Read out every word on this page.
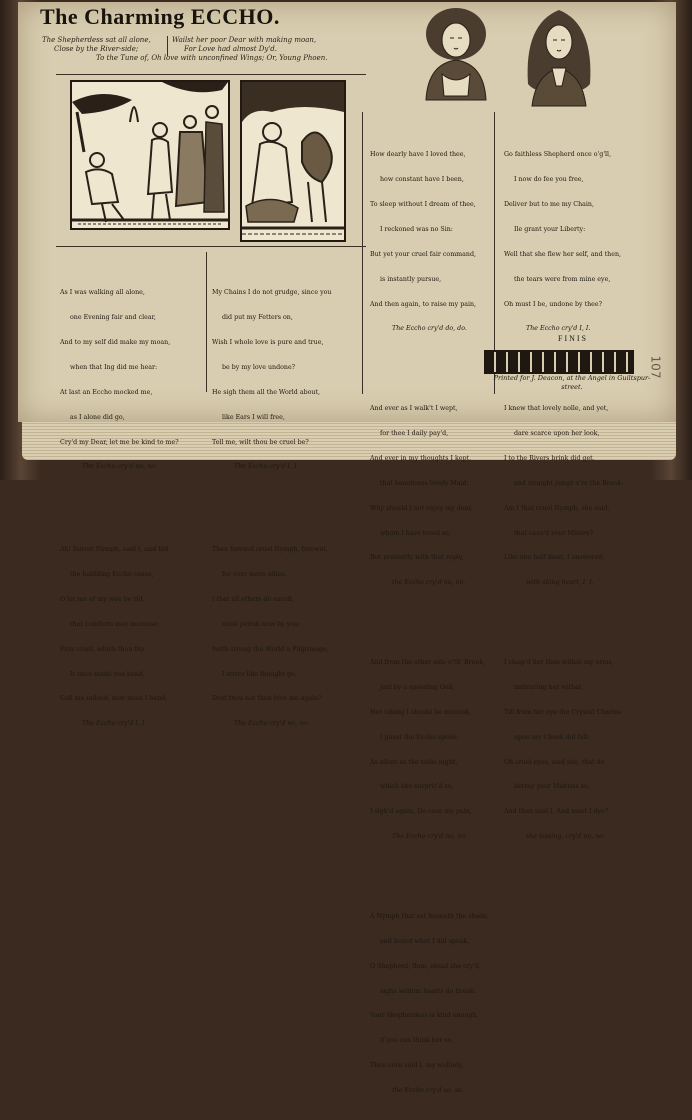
The Charming ECCHO.
The Shepherdess sat all alone,
Close by the River-side;
Wailst her poor Dear with making moan,
For Love had almost Dy'd.
To the Tune of, Oh love with unconfined Wings; Or, Young Phoen.

As I was walking all alone,

one Evening fair and clear,

And to my self did make my moan,

when that Ing did me hear:

At last an Eccho mocked me,

as I alone did go,

Cry'd my Dear, let me be kind to me?

The Eccho cry'd no, no.

Ah! fairest Nymph, said I, and bid

the babbling Eccho cease,

O let me of my woe be rid,

that comforts may increase:

Pray cruel, which thou thy

It once made you bend,

Coll me indeed, now must I bend,

The Eccho cry'd I, I.

My Chains I do not grudge, since you

did put my Fetters on,

Wish I whole love is pure and true,

be by my love undone?

He sigh them all the World about,

like Ears I will free,

Tell me, wilt thou be cruel be?

The Eccho cry'd I, I.

Then farewel cruel Nymph, farewel,

for ever more adieu,

I that all others do excell,

must perish now by you:

Iwith strong the World a Pilgrimage,

I strive like thought go,

Dost thou not then love me again?

The Eccho cry'd no, no.

How dearly have I loved thee,

how constant have I been,

To sleep without I dream of thee,

I reckoned was no Sin:

But yet your cruel fair command,

is instantly pursue,

And then again, to raise my pain,

The Eccho cry'd do, do.

And ever as I walk't I wept,

for thee I daily pay'd,

And ever in my thoughts I kept,

that beauteous lovely Maid:

Why should I not enjoy my dear,

whom I have loved so,

But presently with that reply,

the Eccho cry'd no, no.

And from the other side o'th' Brook,

just by a speeding Oak,

Her taking I should be mistook,

I guest the Eccho spoke:

As silent as the table night,

which she surpriz'd so,

I sigh'd again, Do ease my pain,

The Eccho cry'd no, no.

A Nymph that sat beneath the shade,

and heard what I did speak,

O Shepherd, then, aloud she cry'd,

sighs seldom hearts do break:

Your Shepherdess is kind enough,

if you can think her so,

Then cure said I, my wallady,

the Eccho cry'd so, so.

Go faithless Shepherd once o'g'll,

I now do fee you free,

Deliver but to me my Chain,

Ile grant your Liberty:

Well that she flew her self, and then,

the tears were from mine eye,

Oh must I be, undone by thee?

The Eccho cry'd I, I.

I knew that lovely nolle, and yet,

dare scarce upon her look,

I to the Rivers brink did get,

and straight jumpt o're the Brook:

Am I that cruel Nymph, she said,

that caus'd your Misery?

Like one half dead, I answered,

with aking heart, I, I.

I clasp'd her then within my arms,

imbracing her withal,

Till from her eye the Crystal Charms

upon my Cheek did fall:

Oh cruel eyes, said she, that do

betray your Mistriss so,

And then said I, And must I dye?

she kissing, cry'd no, no.

FINIS
Printed for J. Deacon, at the Angel in Guiltspur-street.
107
